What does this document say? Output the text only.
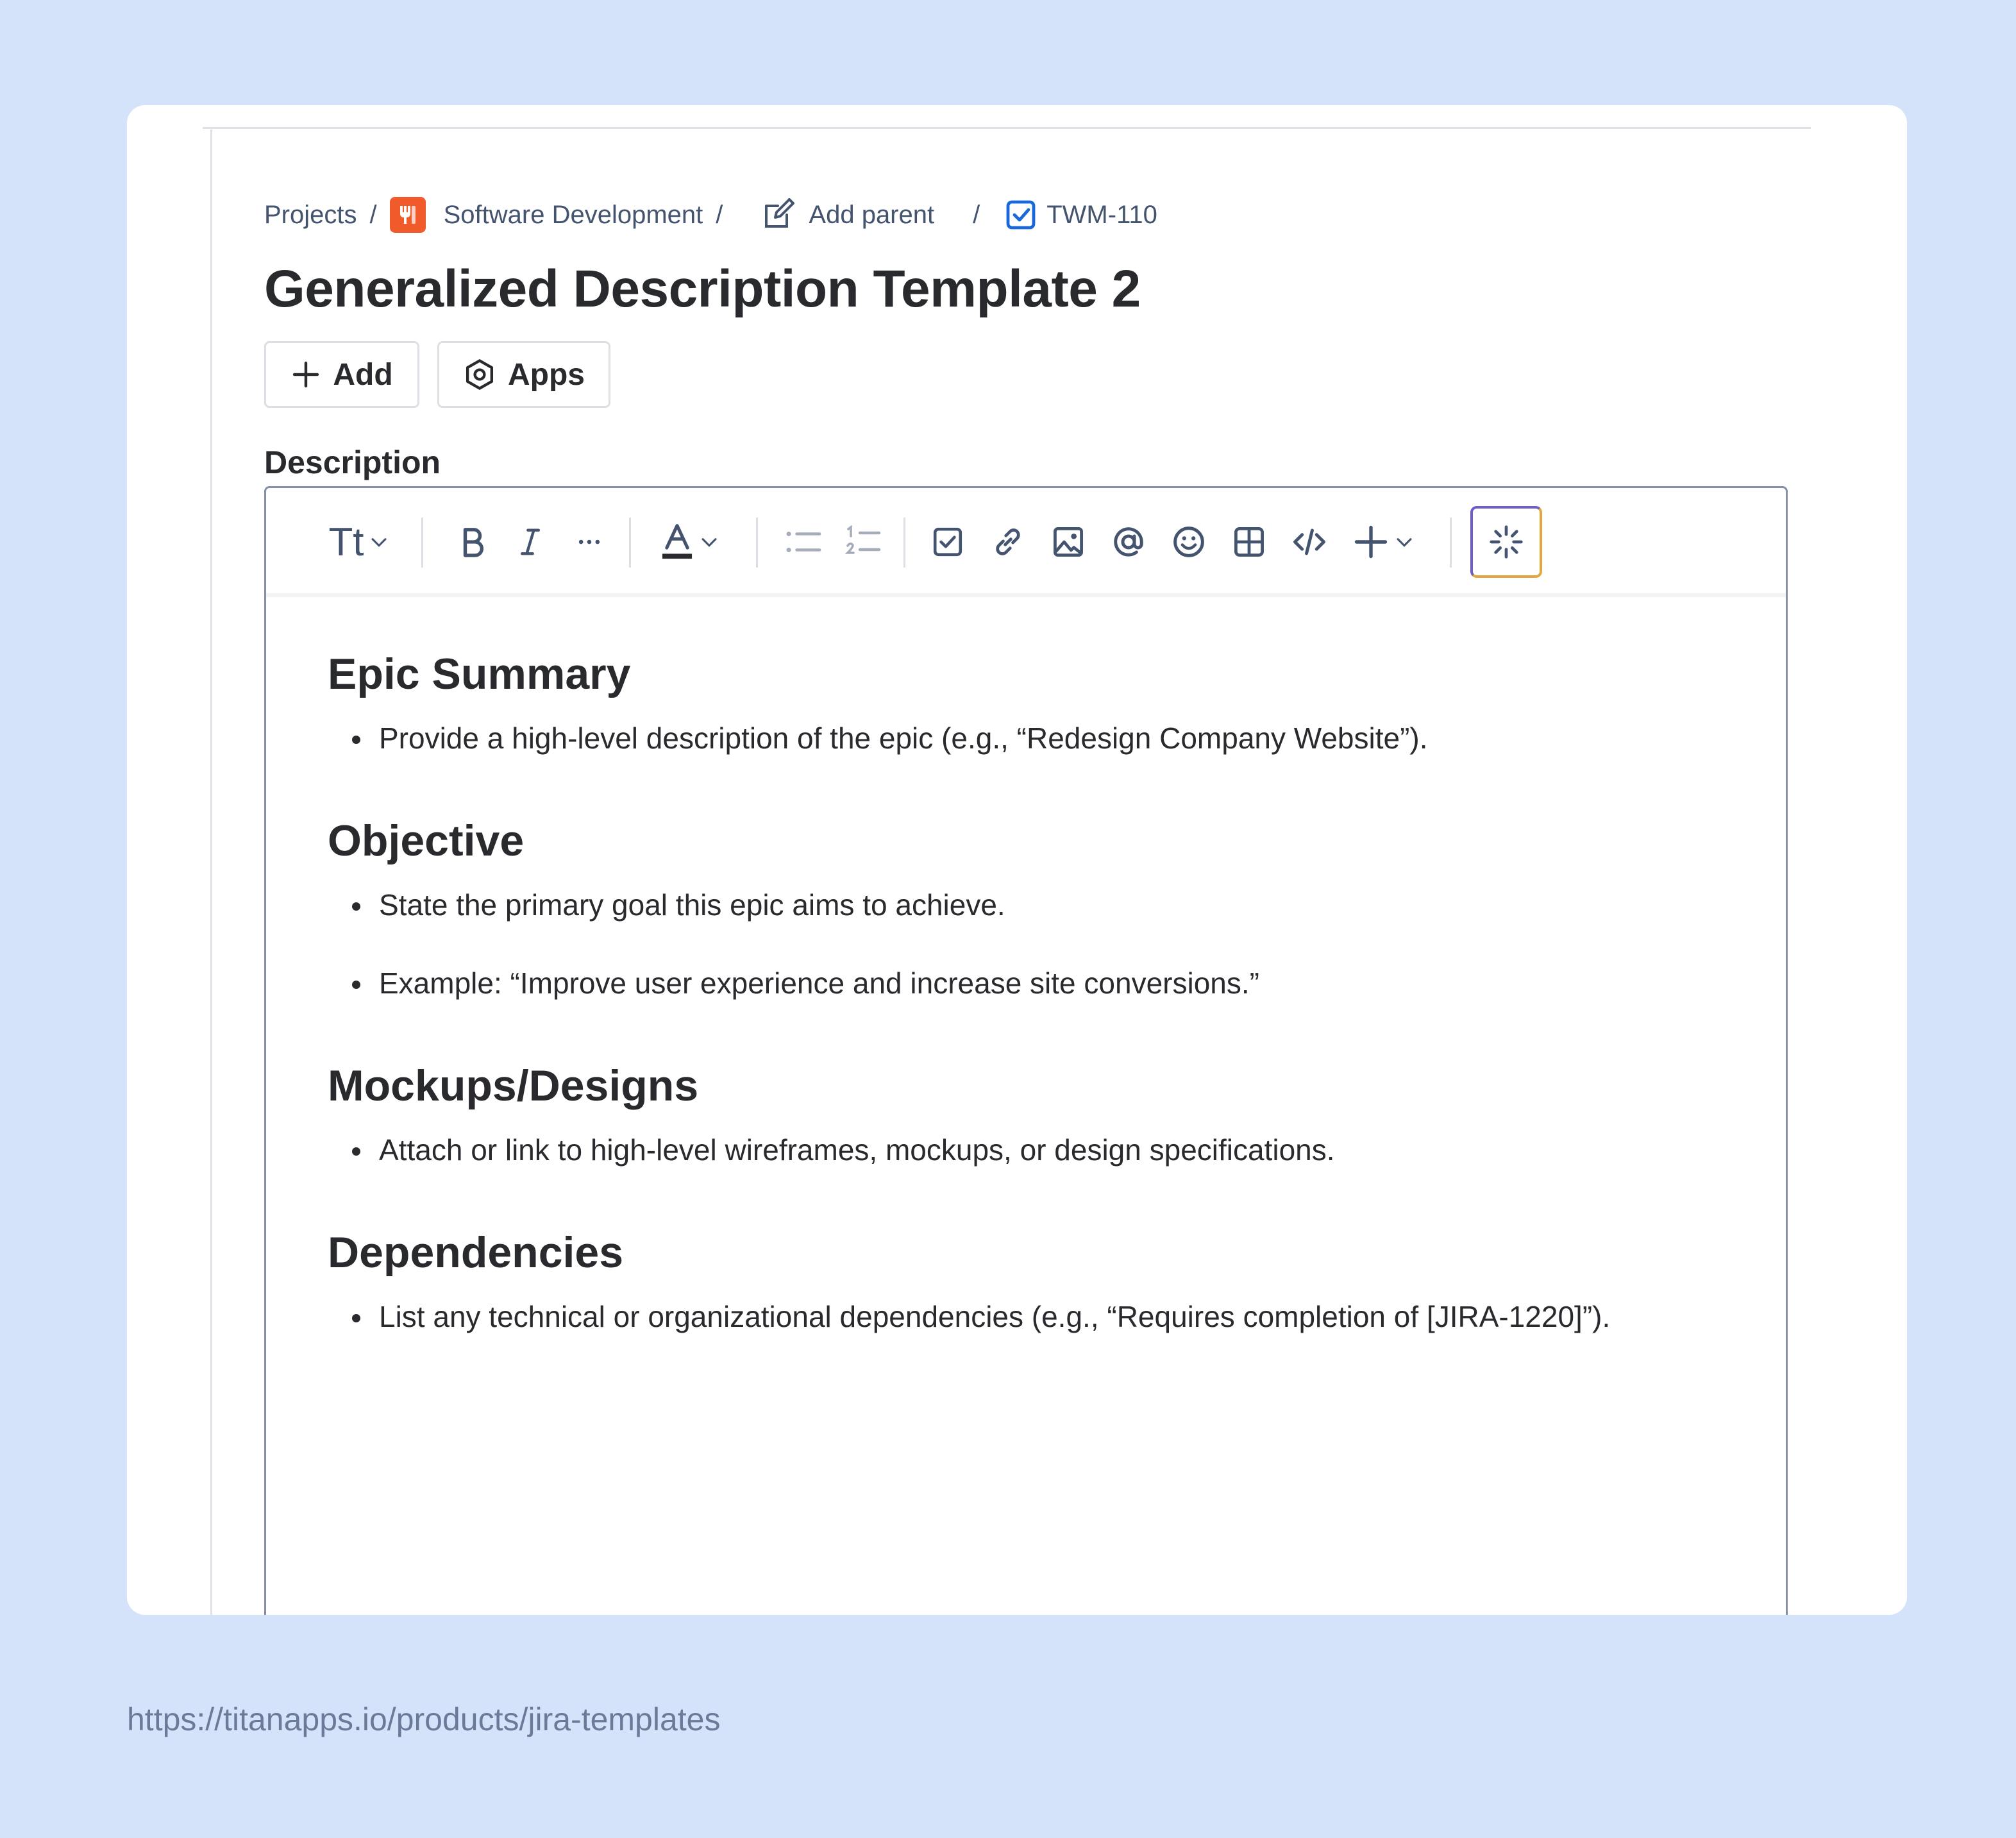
Projects /	Software Development /	Add parent /	TWM-110
Generalized Description Template 2
Add	Apps
Description
Tt
Epic Summary
Provide a high-level description of the epic (e.g., “Redesign Company Website”).
Objective
State the primary goal this epic aims to achieve.
Example: “Improve user experience and increase site conversions.”
Mockups/Designs
Attach or link to high-level wireframes, mockups, or design specifications.
Dependencies
List any technical or organizational dependencies (e.g., “Requires completion of [JIRA-1220]”).
https://titanapps.io/products/jira-templates
